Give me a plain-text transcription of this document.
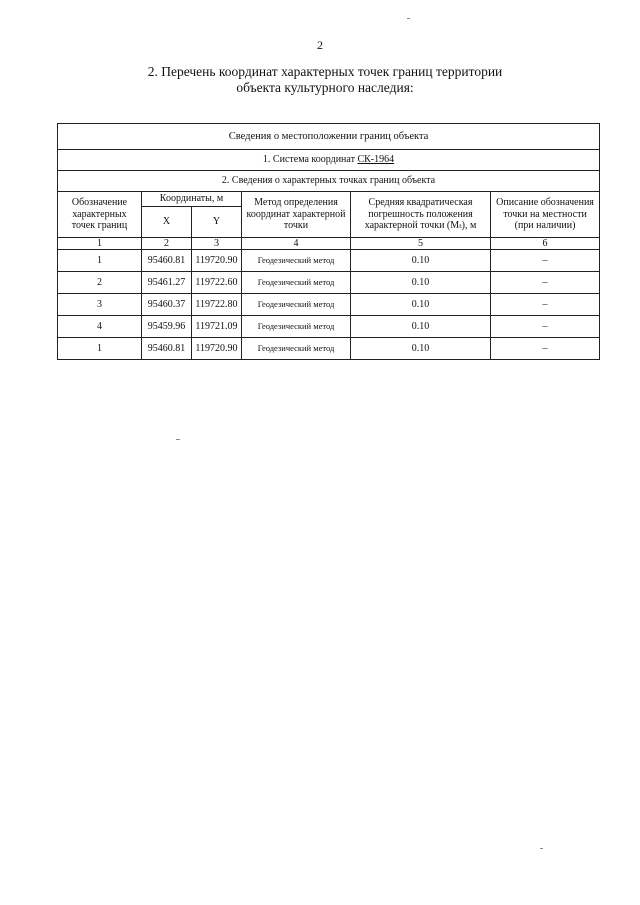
2
2. Перечень координат характерных точек границ территории
объекта культурного наследия:
Сведения о местоположении границ объекта					
1. Система координат СК-1964					
2. Сведения о характерных точках границ объекта					
Обозначение характерных точек границ	Координаты, м		Метод определения координат характерной точки	Средняя квадратическая погрешность положения характерной точки (Mₜ), м	Описание обозначения точки на местности (при наличии)
	X	Y			
1	2	3	4	5	6
1	95460.81	119720.90	Геодезический метод	0.10	–
2	95461.27	119722.60	Геодезический метод	0.10	–
3	95460.37	119722.80	Геодезический метод	0.10	–
4	95459.96	119721.09	Геодезический метод	0.10	–
1	95460.81	119720.90	Геодезический метод	0.10	–
